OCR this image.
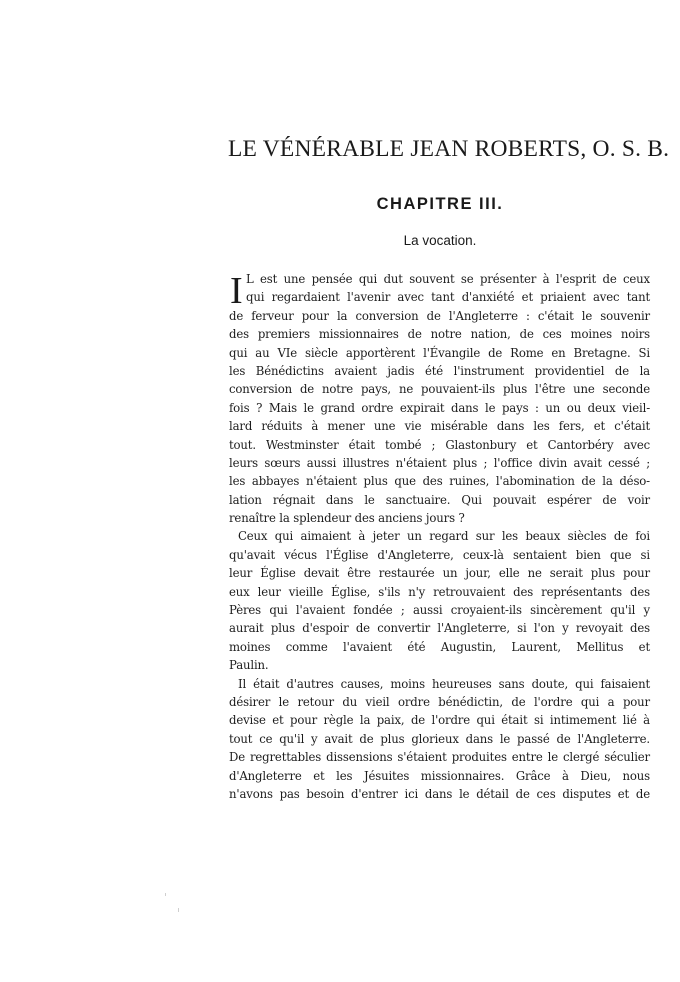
LE VÉNÉRABLE JEAN ROBERTS, O. S. B.
CHAPITRE III.
La vocation.
I L est une pensée qui dut souvent se présenter à l'esprit de ceux
qui regardaient l'avenir avec tant d'anxiété et priaient avec tant
de ferveur pour la conversion de l'Angleterre : c'était le souvenir
des premiers missionnaires de notre nation, de ces moines noirs
qui au VIe siècle apportèrent l'Évangile de Rome en Bretagne. Si
les Bénédictins avaient jadis été l'instrument providentiel de la
conversion de notre pays, ne pouvaient-ils plus l'être une seconde
fois ? Mais le grand ordre expirait dans le pays : un ou deux vieil-
lard réduits à mener une vie misérable dans les fers, et c'était
tout. Westminster était tombé ; Glastonbury et Cantorbéry avec
leurs sœurs aussi illustres n'étaient plus ; l'office divin avait cessé ;
les abbayes n'étaient plus que des ruines, l'abomination de la déso-
lation régnait dans le sanctuaire. Qui pouvait espérer de voir
renaître la splendeur des anciens jours ?
Ceux qui aimaient à jeter un regard sur les beaux siècles de foi
qu'avait vécus l'Église d'Angleterre, ceux-là sentaient bien que si
leur Église devait être restaurée un jour, elle ne serait plus pour
eux leur vieille Église, s'ils n'y retrouvaient des représentants des
Pères qui l'avaient fondée ; aussi croyaient-ils sincèrement qu'il y
aurait plus d'espoir de convertir l'Angleterre, si l'on y revoyait des
moines comme l'avaient été Augustin, Laurent, Mellitus et
Paulin.
Il était d'autres causes, moins heureuses sans doute, qui faisaient
désirer le retour du vieil ordre bénédictin, de l'ordre qui a pour
devise et pour règle la paix, de l'ordre qui était si intimement lié à
tout ce qu'il y avait de plus glorieux dans le passé de l'Angleterre.
De regrettables dissensions s'étaient produites entre le clergé séculier
d'Angleterre et les Jésuites missionnaires. Grâce à Dieu, nous
n'avons pas besoin d'entrer ici dans le détail de ces disputes et de
